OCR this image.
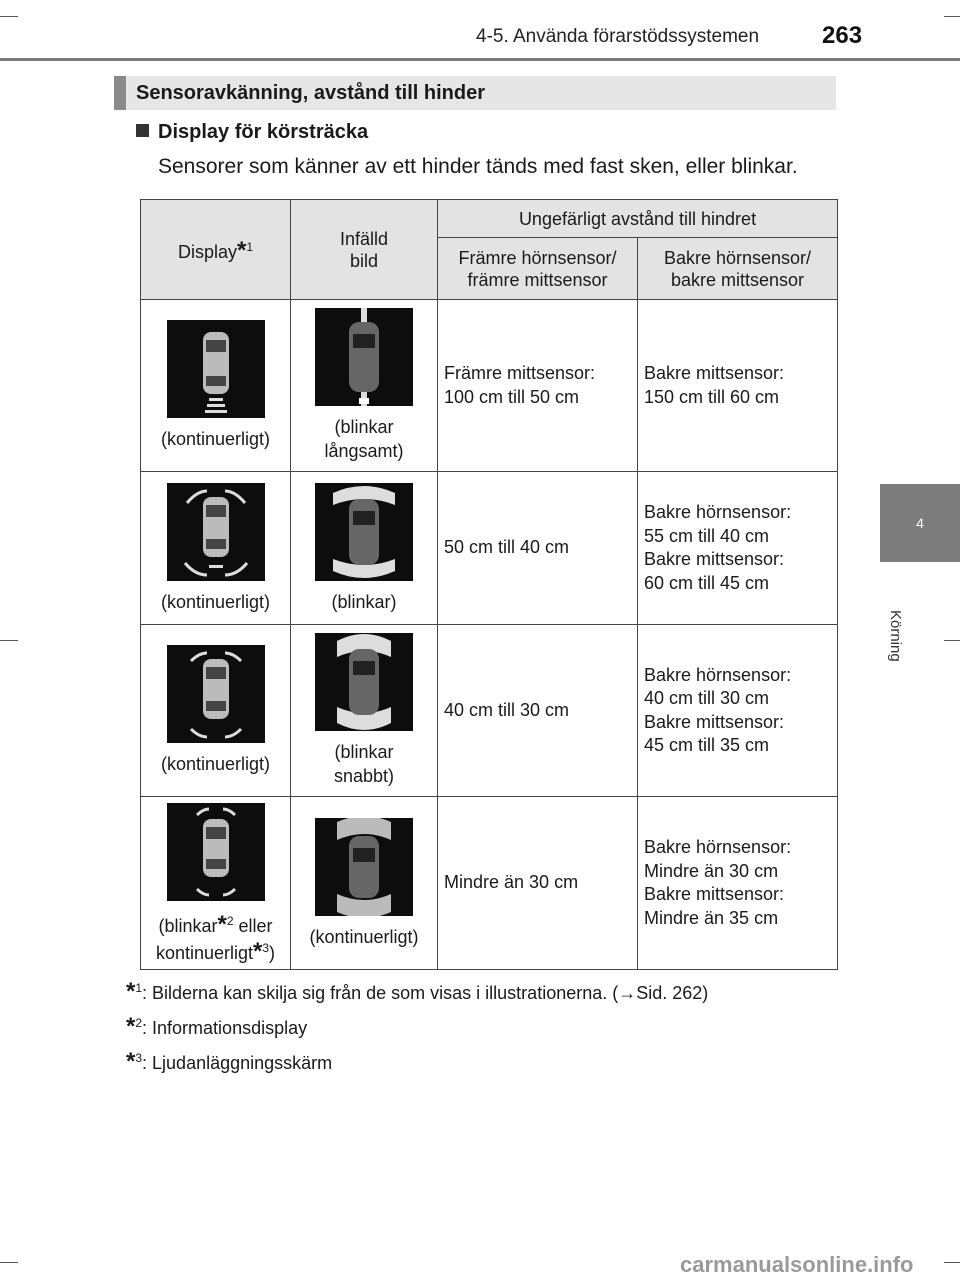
4-5. Använda förarstödssystemen	263
4
Körning
Sensoravkänning, avstånd till hinder
Display för körsträcka
Sensorer som känner av ett hinder tänds med fast sken, eller blinkar.
Display*$^1$	Infälld
bild	Ungefärligt avstånd till hindret	
		Främre hörnsensor/
främre mittsensor	Bakre hörnsensor/
bakre mittsensor

(kontinuerligt)	(blinkar
långsamt)	Främre mittsensor:
100 cm till 50 cm	Bakre mittsensor:
150 cm till 60 cm

(kontinuerligt)	(blinkar)	50 cm till 40 cm	Bakre hörnsensor:
55 cm till 40 cm
Bakre mittsensor:
60 cm till 45 cm

(kontinuerligt)	(blinkar
snabbt)	40 cm till 30 cm	Bakre hörnsensor:
40 cm till 30 cm
Bakre mittsensor:
45 cm till 35 cm

(blinkar*$^2$ eller
kontinuerligt*$^3$)	(kontinuerligt)	Mindre än 30 cm	Bakre hörnsensor:
Mindre än 30 cm
Bakre mittsensor:
Mindre än 35 cm
*$^1$: Bilderna kan skilja sig från de som visas i illustrationerna. (→Sid. 262)
*$^2$: Informationsdisplay
*$^3$: Ljudanläggningsskärm
carmanualsonline.info
